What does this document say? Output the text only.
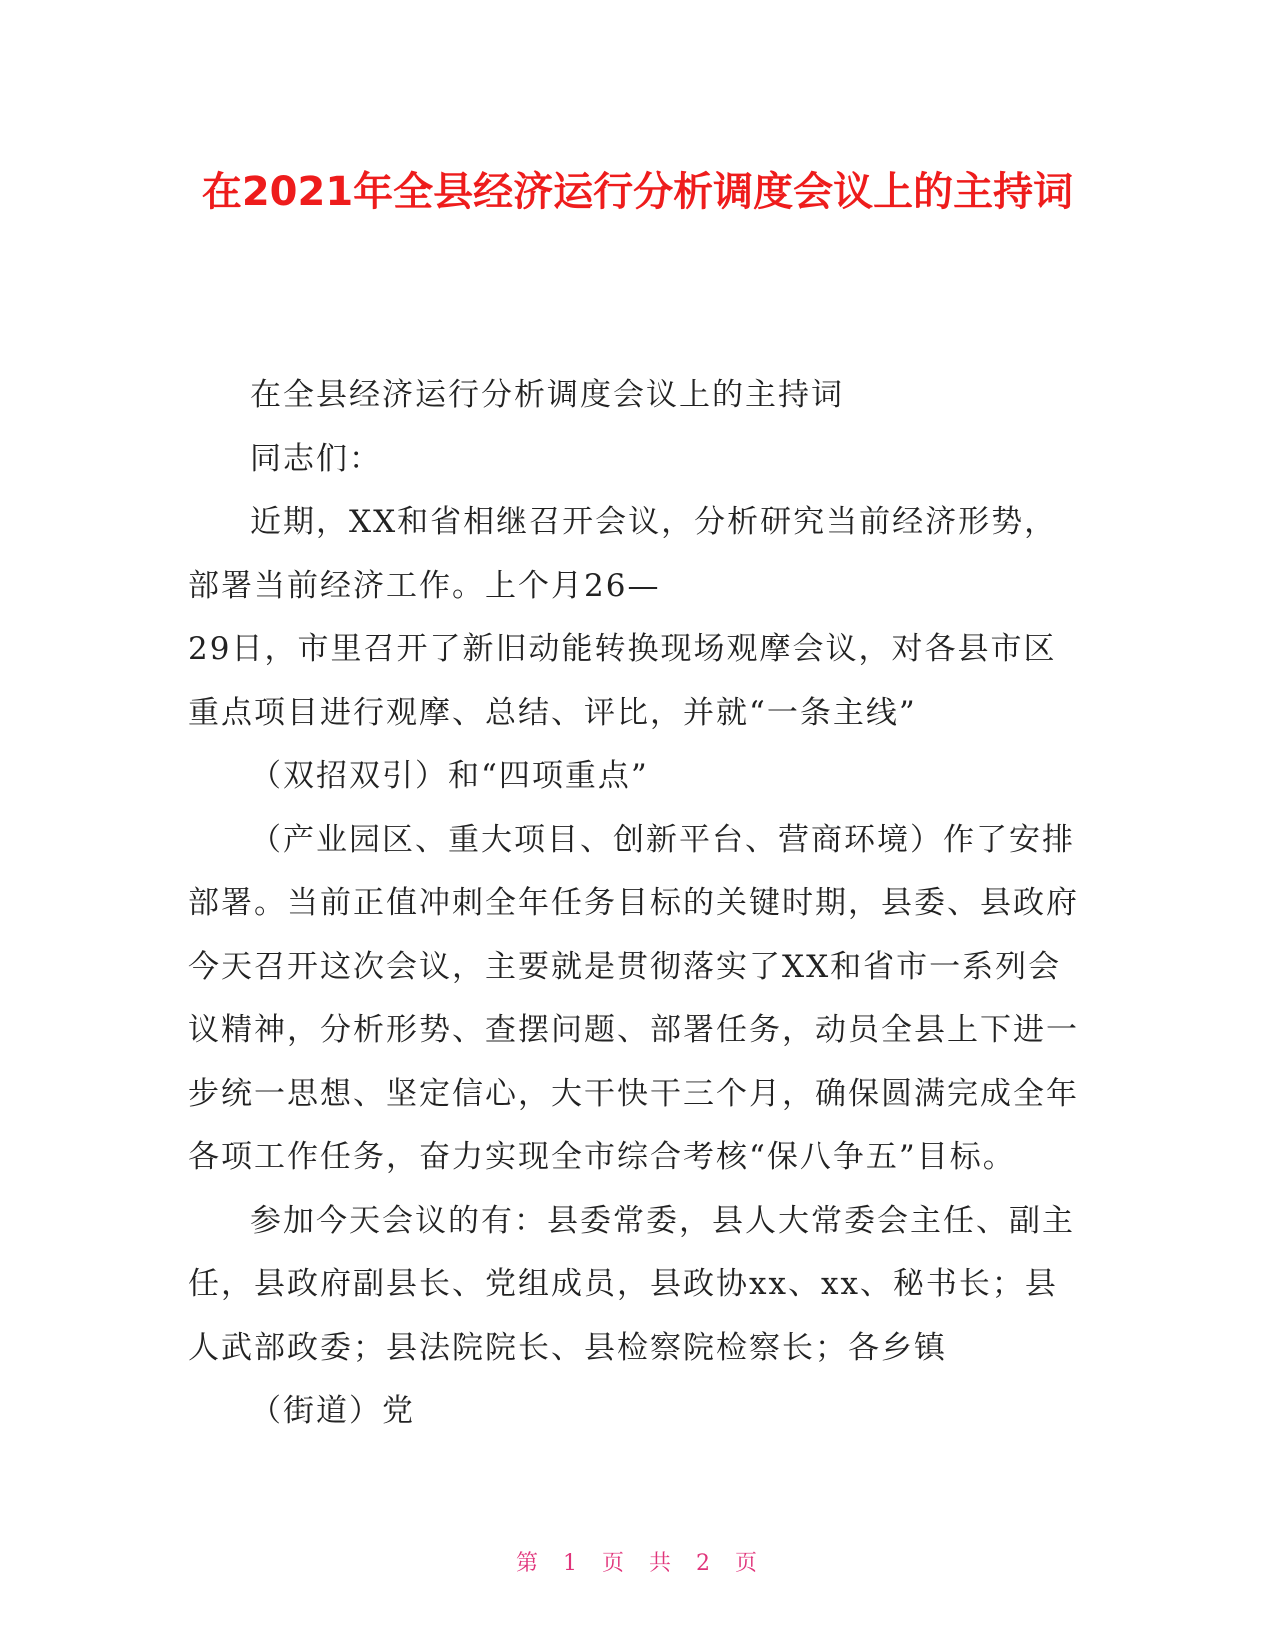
在2021年全县经济运行分析调度会议上的主持词

在全县经济运行分析调度会议上的主持词

同志们：

近期，XX和省相继召开会议，分析研究当前经济形势，部署当前经济工作。上个月26—

29日，市里召开了新旧动能转换现场观摩会议，对各县市区重点项目进行观摩、总结、评比，并就“一条主线”

（双招双引）和“四项重点”

（产业园区、重大项目、创新平台、营商环境）作了安排部署。当前正值冲刺全年任务目标的关键时期，县委、县政府今天召开这次会议，主要就是贯彻落实了XX和省市一系列会议精神，分析形势、查摆问题、部署任务，动员全县上下进一步统一思想、坚定信心，大干快干三个月，确保圆满完成全年各项工作任务，奋力实现全市综合考核“保八争五”目标。

参加今天会议的有：县委常委，县人大常委会主任、副主任，县政府副县长、党组成员，县政协xx、xx、秘书长；县人武部政委；县法院院长、县检察院检察长；各乡镇

（街道）党

第 1 页 共 2 页
